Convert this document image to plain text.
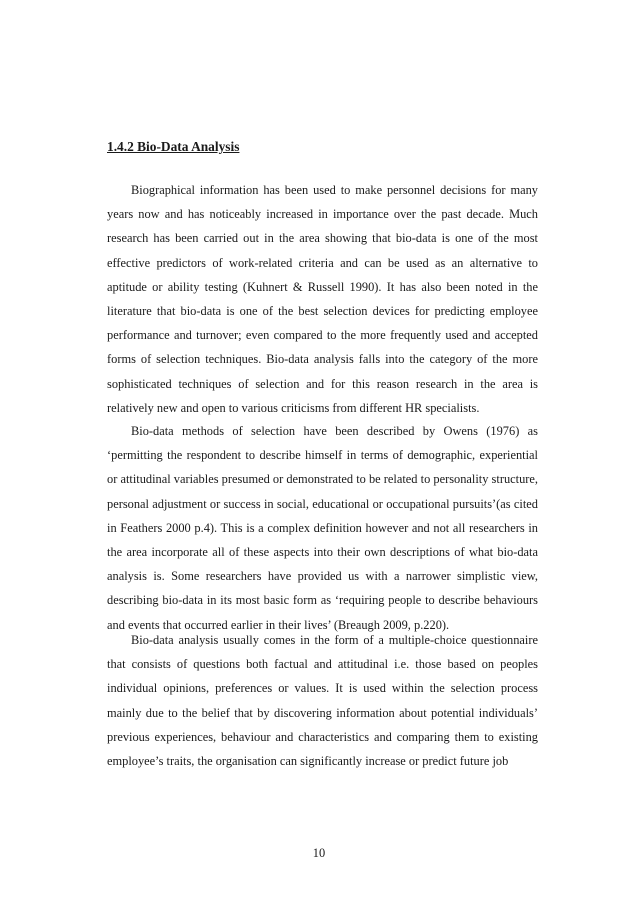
1.4.2 Bio-Data Analysis

Biographical information has been used to make personnel decisions for many years now and has noticeably increased in importance over the past decade. Much research has been carried out in the area showing that bio-data is one of the most effective predictors of work-related criteria and can be used as an alternative to aptitude or ability testing (Kuhnert & Russell 1990). It has also been noted in the literature that bio-data is one of the best selection devices for predicting employee performance and turnover; even compared to the more frequently used and accepted forms of selection techniques. Bio-data analysis falls into the category of the more sophisticated techniques of selection and for this reason research in the area is relatively new and open to various criticisms from different HR specialists.

Bio-data methods of selection have been described by Owens (1976) as ‘permitting the respondent to describe himself in terms of demographic, experiential or attitudinal variables presumed or demonstrated to be related to personality structure, personal adjustment or success in social, educational or occupational pursuits’(as cited in Feathers 2000 p.4). This is a complex definition however and not all researchers in the area incorporate all of these aspects into their own descriptions of what bio-data analysis is. Some researchers have provided us with a narrower simplistic view, describing bio-data in its most basic form as ‘requiring people to describe behaviours and events that occurred earlier in their lives’ (Breaugh 2009, p.220).

Bio-data analysis usually comes in the form of a multiple-choice questionnaire that consists of questions both factual and attitudinal i.e. those based on peoples individual opinions, preferences or values. It is used within the selection process mainly due to the belief that by discovering information about potential individuals’ previous experiences, behaviour and characteristics and comparing them to existing employee’s traits, the organisation can significantly increase or predict future job

10
